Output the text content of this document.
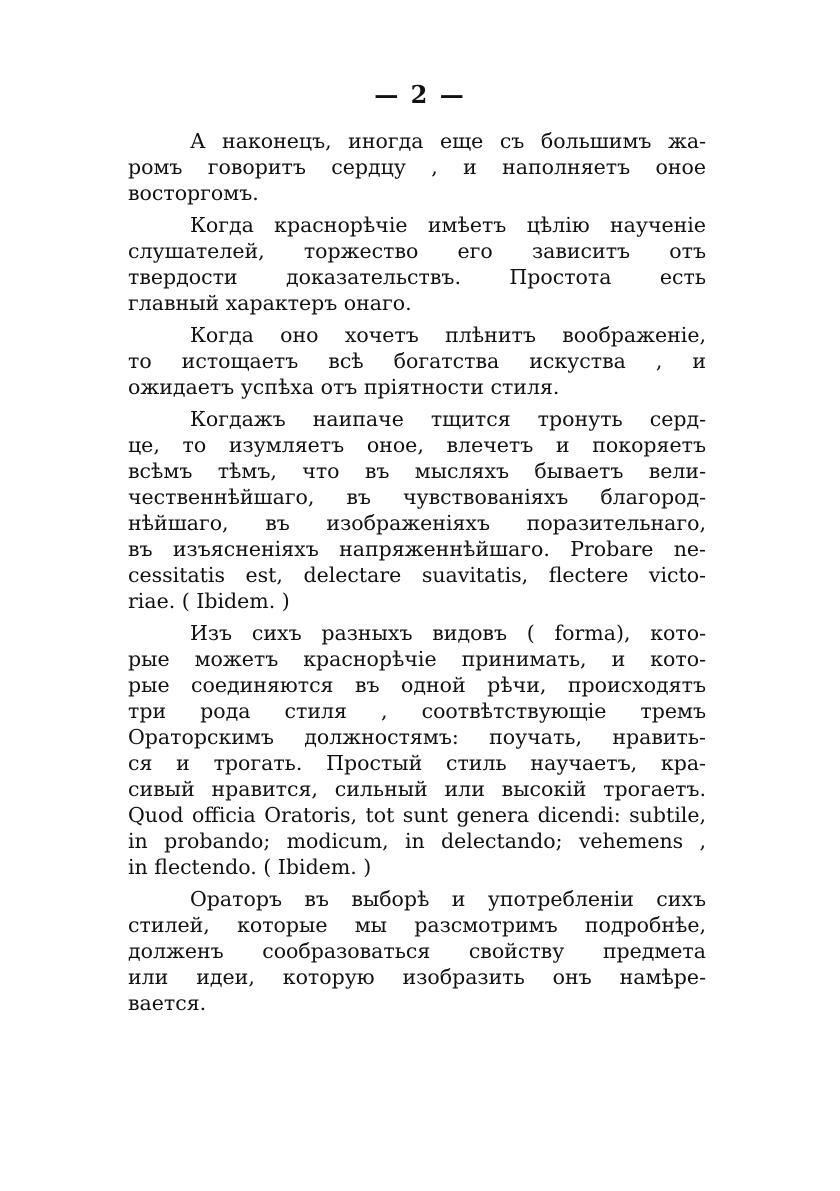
— 2 —
А наконецъ, иногда еще съ большимъ жа-
ромъ говоритъ сердцу , и наполняетъ оное
восторгомъ.
Когда краснорѣчіе имѣетъ цѣлію наученіе
слушателей, торжество его зависитъ отъ
твердости доказательствъ. Простота есть
главный характеръ онаго.
Когда оно хочетъ плѣнитъ воображеніе,
то истощаетъ всѣ богатства искуства , и
ожидаетъ успѣха отъ пріятности стиля.
Когдажъ наипаче тщится тронуть серд-
це, то изумляетъ оное, влечетъ и покоряетъ
всѣмъ тѣмъ, что въ мысляхъ бываетъ вели-
чественнѣйшаго, въ чувствованіяхъ благород-
нѣйшаго, въ изображеніяхъ поразительнаго,
въ изъясненіяхъ напряженнѣйшаго. Probare ne-
cessitatis est, delectare suavitatis, flectere victo-
riae. ( Ibidem. )
Изъ сихъ разныхъ видовъ ( forma), кото-
рые можетъ краснорѣчіе принимать, и кото-
рые соединяются въ одной рѣчи, происходятъ
три рода стиля , соотвѣтствующіе тремъ
Ораторскимъ должностямъ: поучать, нравить-
ся и трогать. Простый стиль научаетъ, кра-
сивый нравится, сильный или высокій трогаетъ.
Quod officia Oratoris, tot sunt genera dicendi: subtile,
in probando; modicum, in delectando; vehemens ,
in flectendo. ( Ibidem. )
Ораторъ въ выборѣ и употребленіи сихъ
стилей, которые мы разсмотримъ подробнѣе,
долженъ сообразоваться свойству предмета
или идеи, которую изобразить онъ намѣре-
вается.
